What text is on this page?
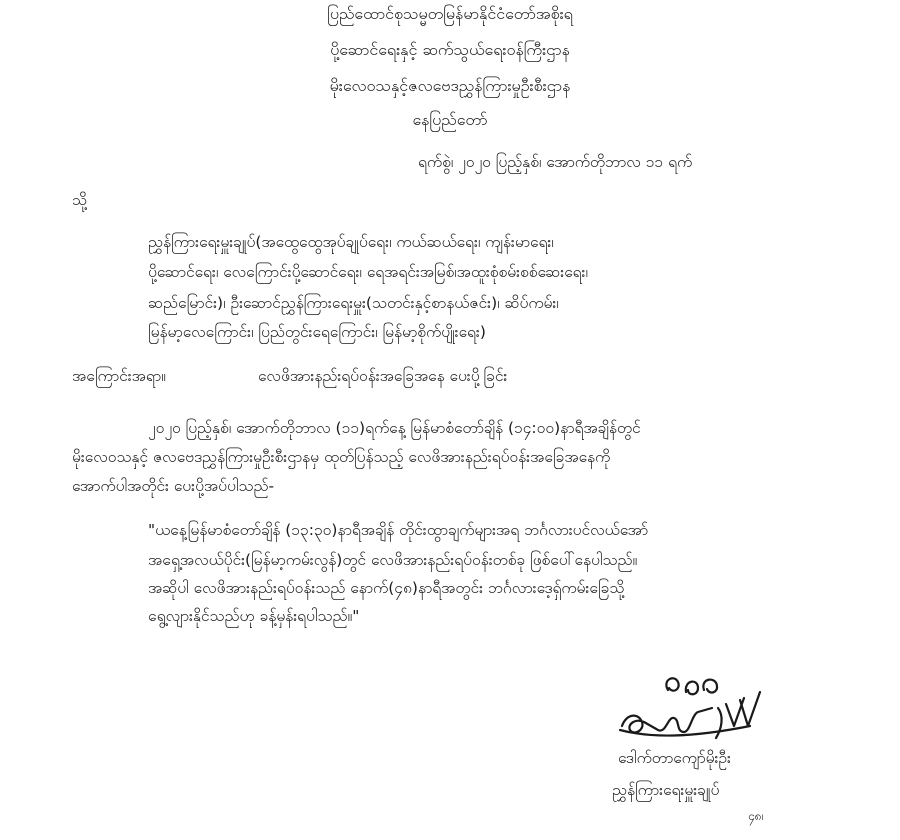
ပြည်ထောင်စုသမ္မတမြန်မာနိုင်ငံတော်အစိုးရ
ပို့ဆောင်ရေးနှင့် ဆက်သွယ်ရေးဝန်ကြီးဌာန
မိုးလေဝသနှင့်ဇလဗေဒညွှန်ကြားမှုဦးစီးဌာန
နေပြည်တော်
ရက်စွဲ၊ ၂၀၂၀ ပြည့်နှစ်၊ အောက်တိုဘာလ ၁၁ ရက်
သို့
ညွှန်ကြားရေးမှူးချုပ်(အထွေထွေအုပ်ချုပ်ရေး၊ ကယ်ဆယ်ရေး၊ ကျန်းမာရေး၊
ပို့ဆောင်ရေး၊ လေကြောင်းပို့ဆောင်ရေး၊ ရေအရင်းအမြစ်၊အထူးစုံစမ်းစစ်ဆေးရေး၊
ဆည်မြောင်း)၊ ဦးဆောင်ညွှန်ကြားရေးမှူး(သတင်းနှင့်စာနယ်ဇင်း)၊ ဆိပ်ကမ်း၊
မြန်မာ့လေကြောင်း၊ ပြည်တွင်းရေကြောင်း၊ မြန်မာ့စိုက်ပျိုးရေး)
အကြောင်းအရာ။	လေဖိအားနည်းရပ်ဝန်းအခြေအနေ ပေးပို့ခြင်း
၂၀၂၀ ပြည့်နှစ်၊ အောက်တိုဘာလ (၁၁)ရက်နေ့ မြန်မာစံတော်ချိန် (၁၄:၀၀)နာရီအချိန်တွင်
မိုးလေဝသနှင့် ဇလဗေဒညွှန်ကြားမှုဦးစီးဌာနမှ ထုတ်ပြန်သည့် လေဖိအားနည်းရပ်ဝန်းအခြေအနေကို
အောက်ပါအတိုင်း ပေးပို့အပ်ပါသည်-
"ယနေ့မြန်မာစံတော်ချိန် (၁၃:၃၀)နာရီအချိန် တိုင်းထွာချက်များအရ ဘင်္ဂလားပင်လယ်အော်
အရှေ့အလယ်ပိုင်း(မြန်မာ့ကမ်းလွန်)တွင် လေဖိအားနည်းရပ်ဝန်းတစ်ခု ဖြစ်ပေါ်နေပါသည်။
အဆိုပါ လေဖိအားနည်းရပ်ဝန်းသည် နောက်(၄၈)နာရီအတွင်း ဘင်္ဂလားဒေ့ရှ်ကမ်းခြေသို့
ရွေ့လျားနိုင်သည်ဟု ခန့်မှန်းရပါသည်။"
ဒေါက်တာကျော်မိုးဦး
ညွှန်ကြားရေးမှူးချုပ်
၄၈၊
